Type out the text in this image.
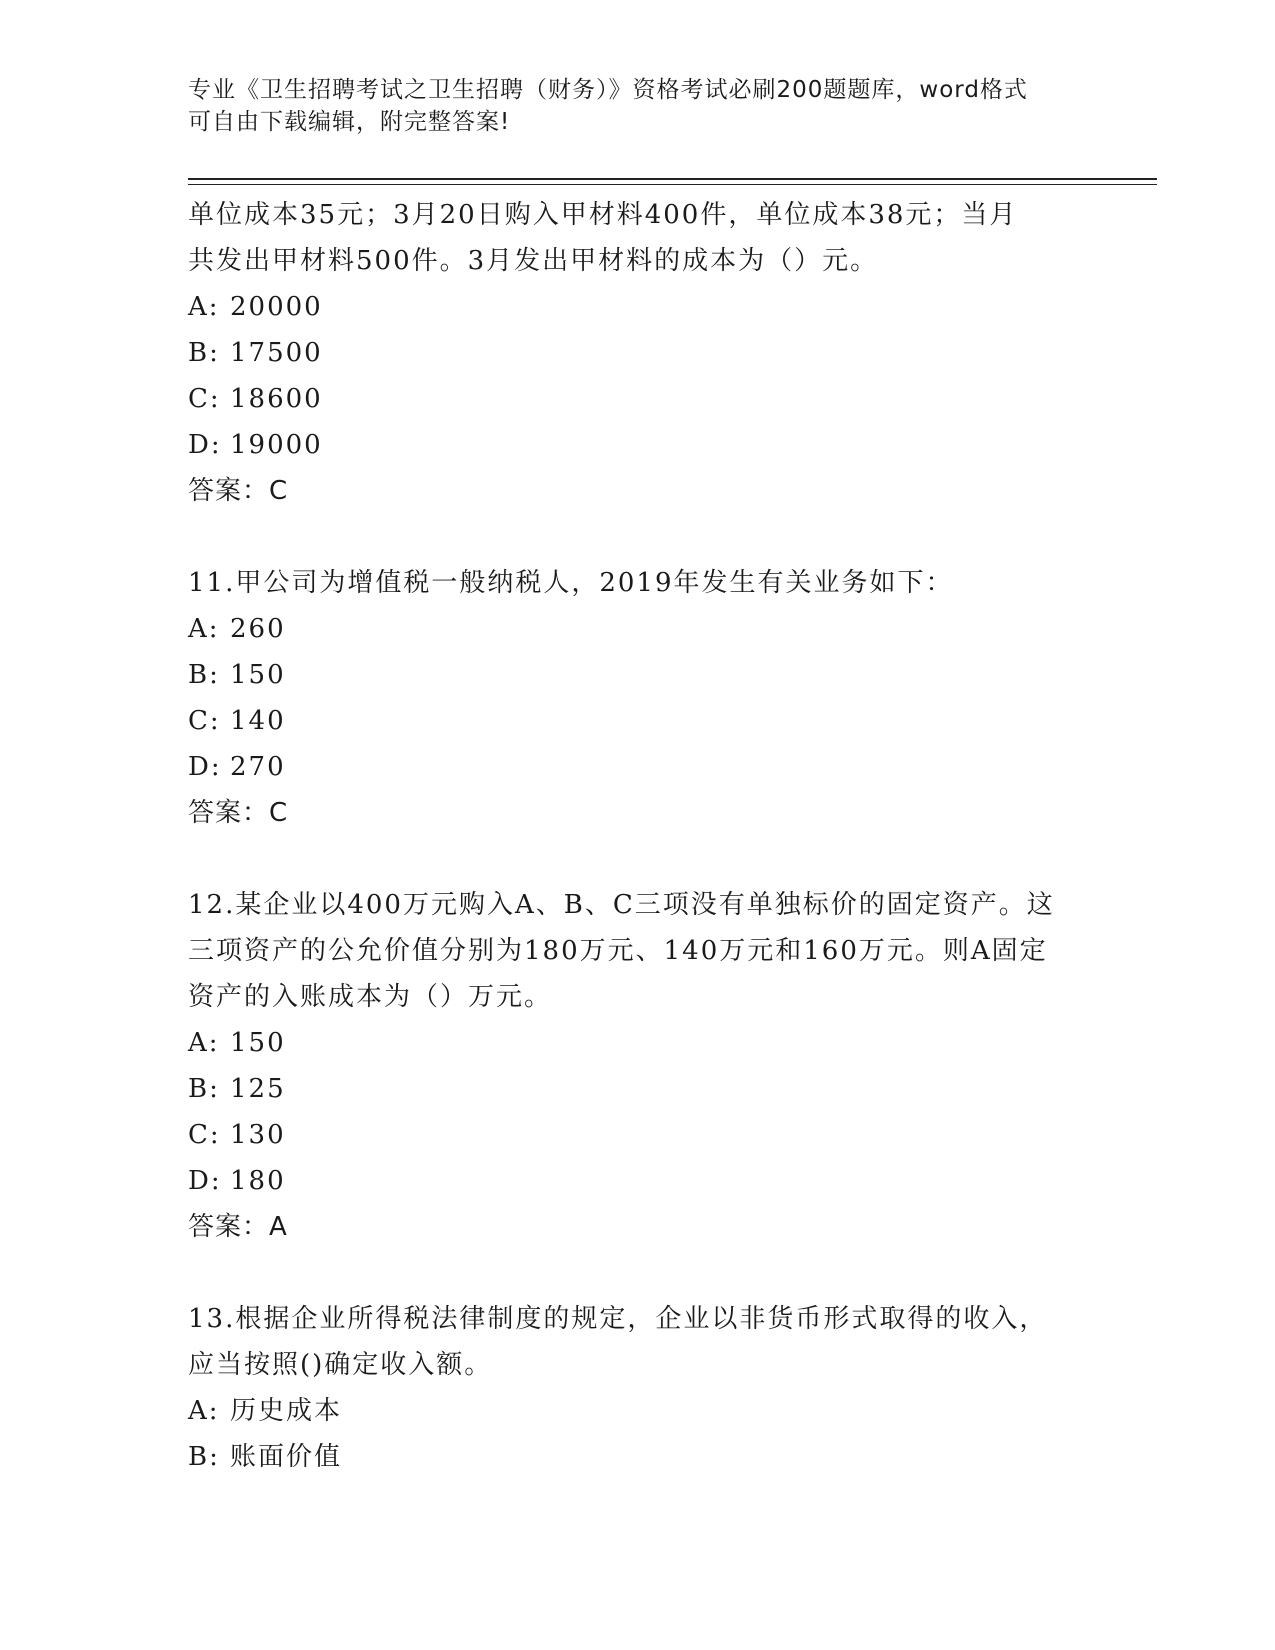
专业《卫生招聘考试之卫生招聘（财务）》资格考试必刷200题题库，word格式
可自由下载编辑，附完整答案!

单位成本35元；3月20日购入甲材料400件，单位成本38元；当月

共发出甲材料500件。3月发出甲材料的成本为（）元。

A: 20000
B: 17500
C: 18600
D: 19000
答案：C

11.甲公司为增值税一般纳税人，2019年发生有关业务如下：

A: 260
B: 150
C: 140
D: 270
答案：C

12.某企业以400万元购入A、B、C三项没有单独标价的固定资产。这

三项资产的公允价值分别为180万元、140万元和160万元。则A固定

资产的入账成本为（）万元。

A: 150
B: 125
C: 130
D: 180
答案：A

13.根据企业所得税法律制度的规定，企业以非货币形式取得的收入，

应当按照()确定收入额。

A: 历史成本
B: 账面价值
